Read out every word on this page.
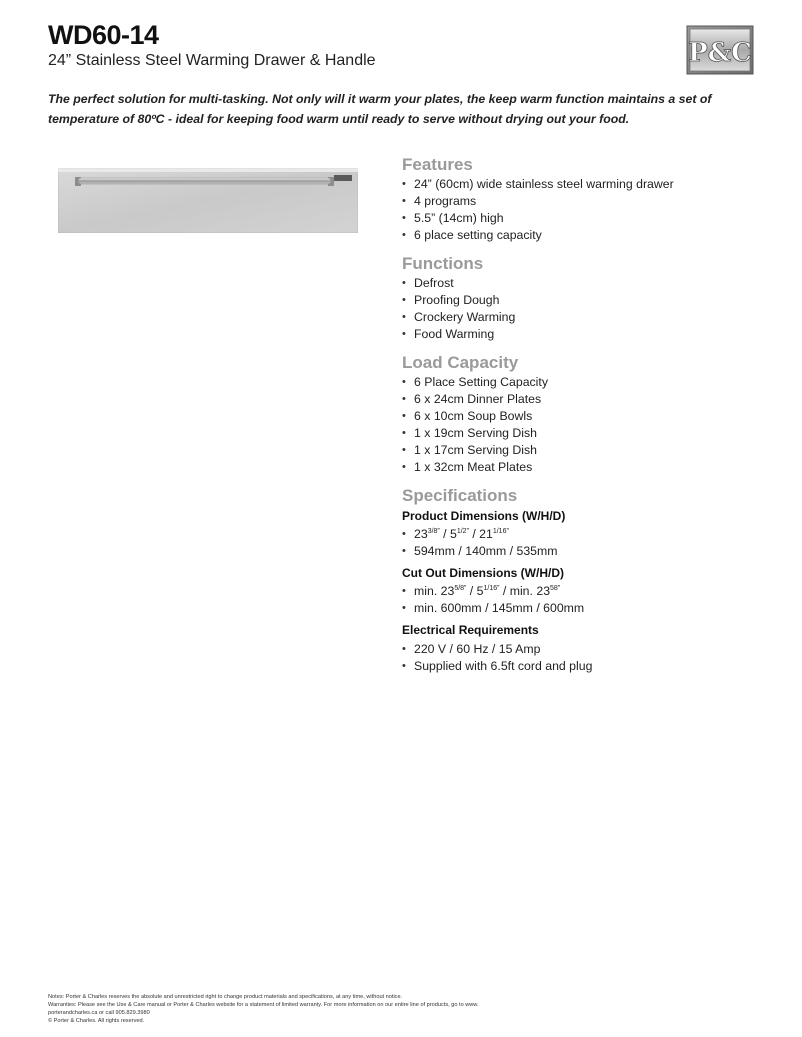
WD60-14
24” Stainless Steel Warming Drawer & Handle	P&C
The perfect solution for multi-tasking. Not only will it warm your plates, the keep warm function maintains a set of temperature of 80ºC - ideal for keeping food warm until ready to serve without drying out your food.
Features
• 24” (60cm) wide stainless steel warming drawer
• 4 programs
• 5.5” (14cm) high
• 6 place setting capacity
Functions
• Defrost
• Proofing Dough
• Crockery Warming
• Food Warming
Load Capacity
• 6 Place Setting Capacity
• 6 x 24cm Dinner Plates
• 6 x 10cm Soup Bowls
• 1 x 19cm Serving Dish
• 1 x 17cm Serving Dish
• 1 x 32cm Meat Plates
Specifications
Product Dimensions (W/H/D)
• $23^{3/8”} / 5^{1/2”} / 21^{1/16”}$
• 594mm / 140mm / 535mm
Cut Out Dimensions (W/H/D)
• min. $23^{5/8”} / 5^{1/16”}$ / min. $23^{58”}$
• min. 600mm / 145mm / 600mm
Electrical Requirements
• 220 V / 60 Hz / 15 Amp
• Supplied with 6.5ft cord and plug
Notes: Porter & Charles reserves the absolute and unrestricted right to change product materials and specifications, at any time, without notice.
Warranties: Please see the Use & Care manual or Porter & Charles website for a statement of limited warranty. For more information on our entire line of products, go to www.
porterandcharles.ca or call 905.829.3980
© Porter & Charles. All rights reserved.
